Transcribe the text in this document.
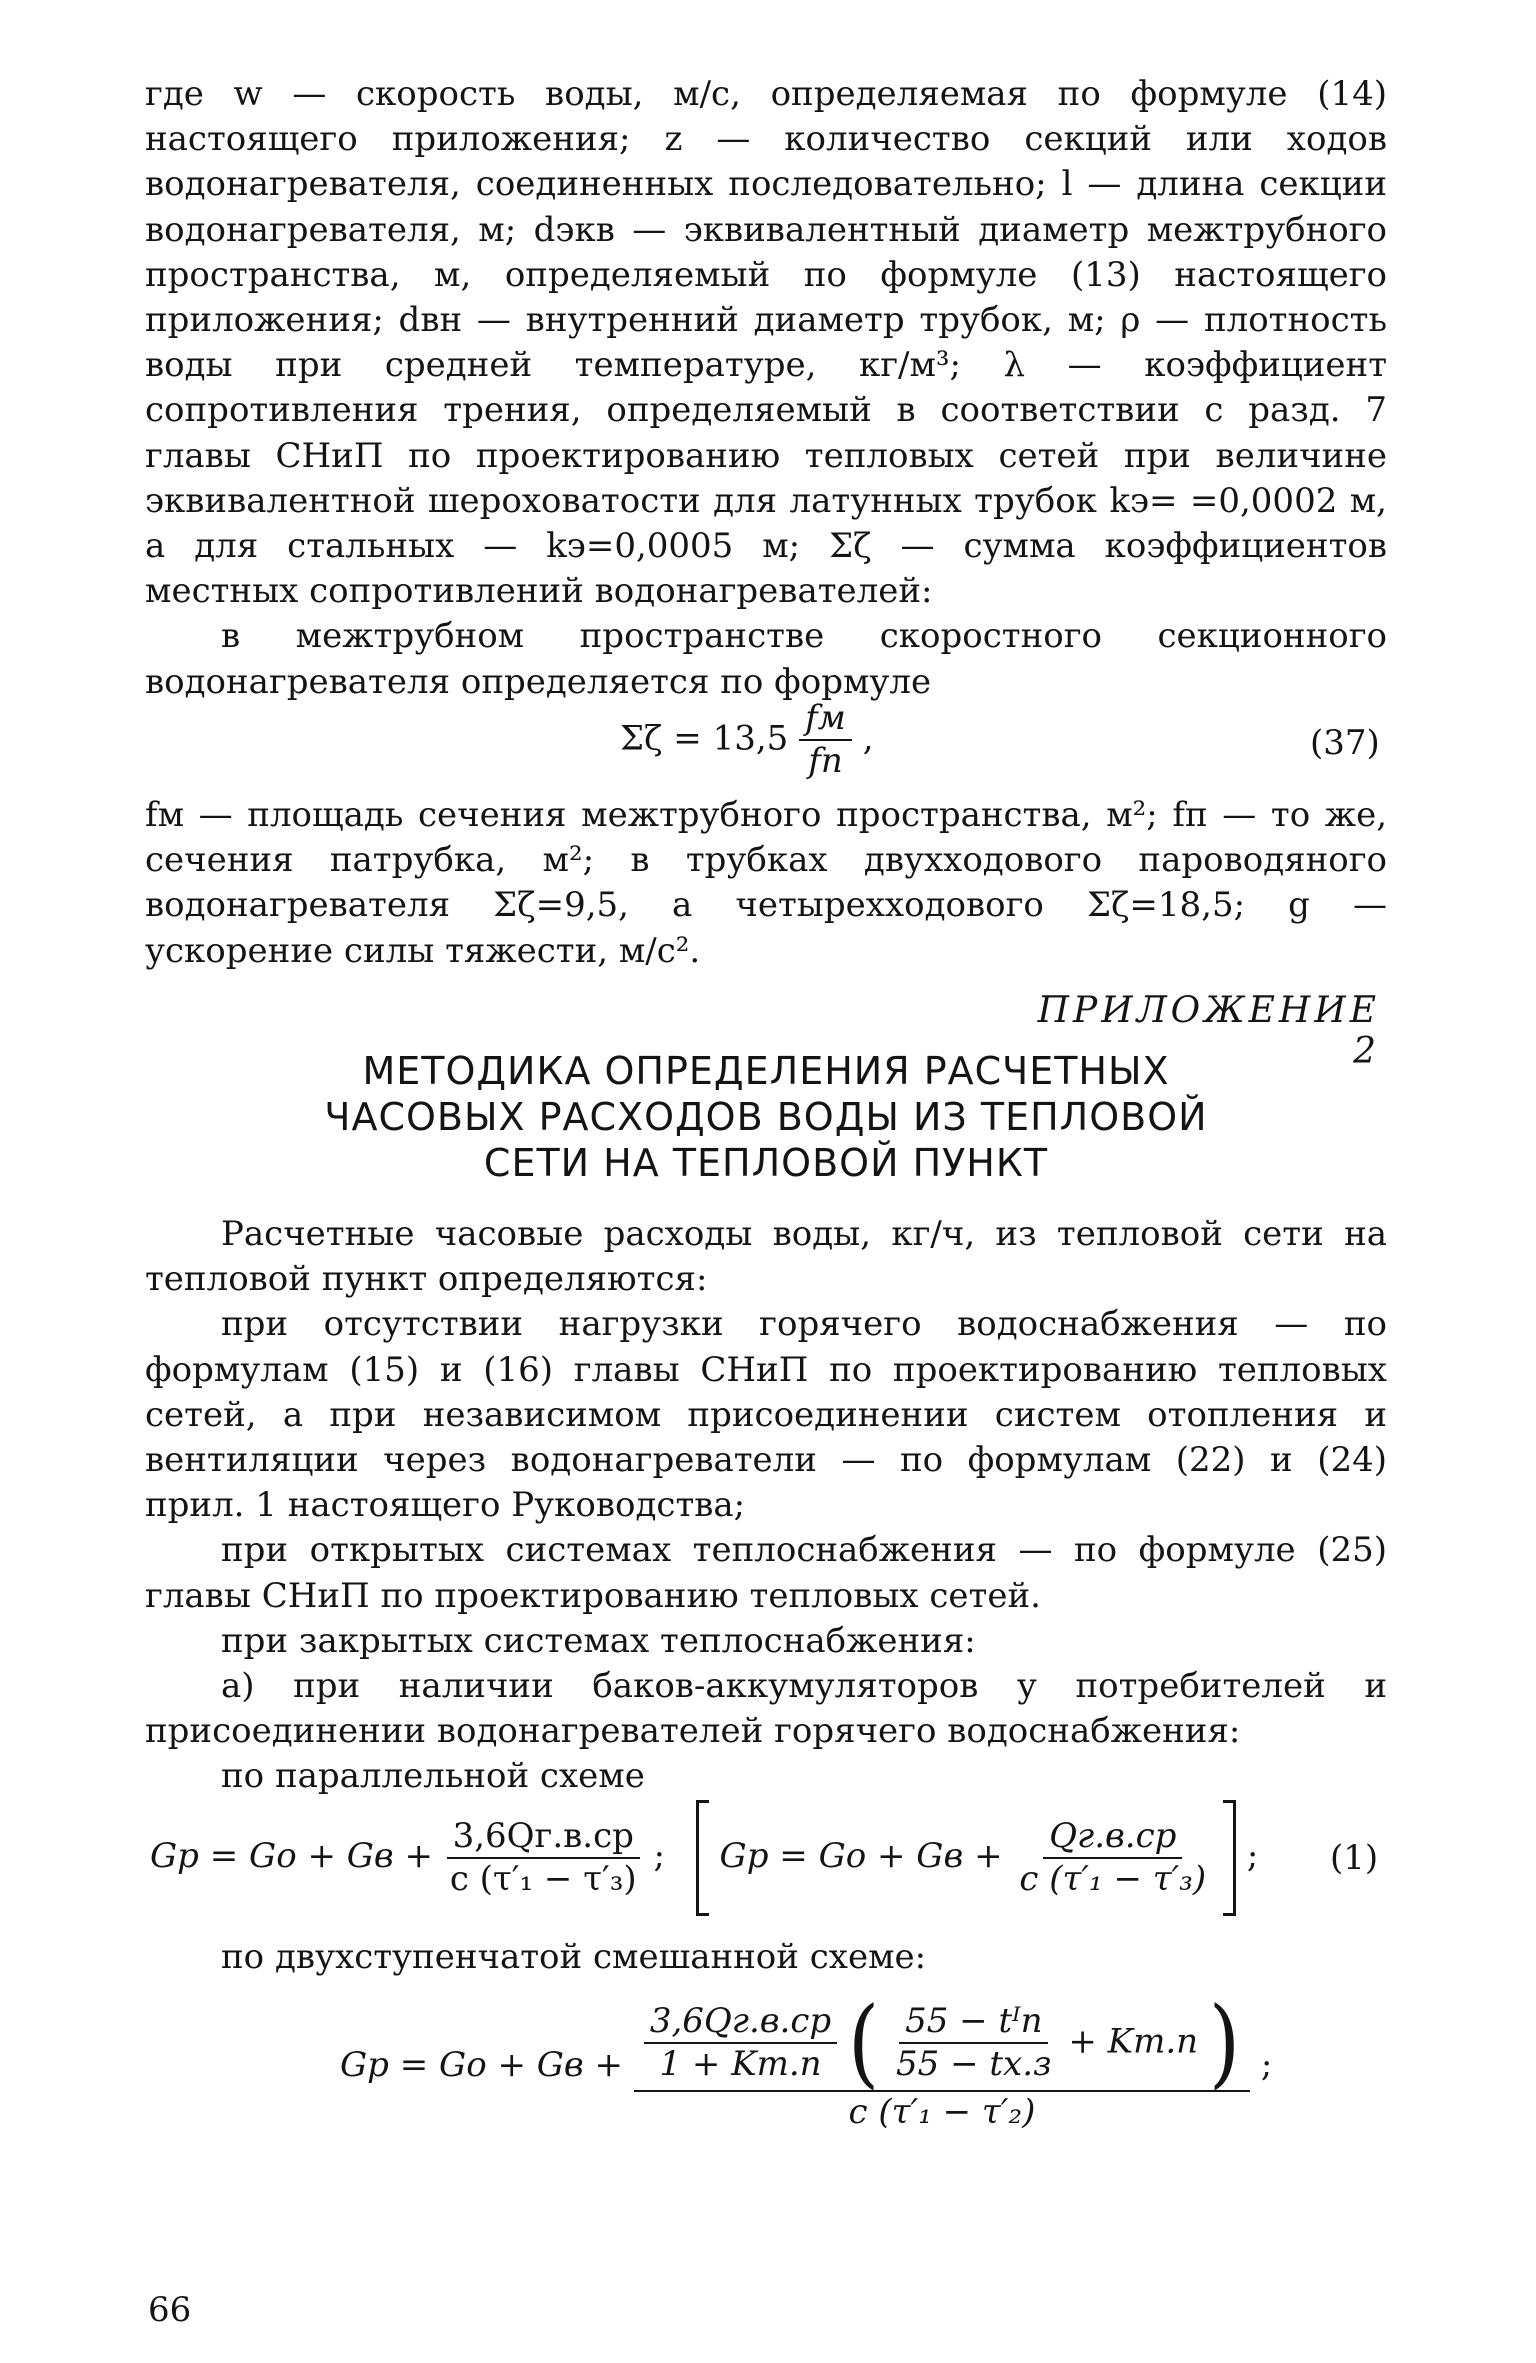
где w — скорость воды, м/с, определяемая по формуле (14) настоящего приложения; z — количество секций или ходов водонагревателя, соединенных последовательно; l — длина секции водонагревателя, м; dэкв — эквивалентный диаметр межтрубного пространства, м, определяемый по формуле (13) настоящего приложения; dвн — внутренний диаметр трубок, м; ρ — плотность воды при средней температуре, кг/м³; λ — коэффициент сопротивления трения, определяемый в соответствии с разд. 7 главы СНиП по проектированию тепловых сетей при величине эквивалентной шероховатости для латунных трубок kэ= =0,0002 м, а для стальных — kэ=0,0005 м; Σζ — сумма коэффициентов местных сопротивлений водонагревателей:

в межтрубном пространстве скоростного секционного водонагревателя определяется по формуле

$\Sigma\zeta = 13,5 \frac{fм}{fп}$ ,	(37)

fм — площадь сечения межтрубного пространства, м²; fп — то же, сечения патрубка, м²; в трубках двухходового пароводяного водонагревателя Σζ=9,5, а четырехходового Σζ=18,5; g — ускорение силы тяжести, м/с².

ПРИЛОЖЕНИЕ 2
МЕТОДИКА ОПРЕДЕЛЕНИЯ РАСЧЕТНЫХ
ЧАСОВЫХ РАСХОДОВ ВОДЫ ИЗ ТЕПЛОВОЙ
СЕТИ НА ТЕПЛОВОЙ ПУНКТ

Расчетные часовые расходы воды, кг/ч, из тепловой сети на тепловой пункт определяются:

при отсутствии нагрузки горячего водоснабжения — по формулам (15) и (16) главы СНиП по проектированию тепловых сетей, а при независимом присоединении систем отопления и вентиляции через водонагреватели — по формулам (22) и (24) прил. 1 настоящего Руководства;

при открытых системах теплоснабжения — по формуле (25) главы СНиП по проектированию тепловых сетей.

при закрытых системах теплоснабжения:

а) при наличии баков-аккумуляторов у потребителей и присоединении водонагревателей горячего водоснабжения:

по параллельной схеме

Gр = Gо + Gв + $\frac{3,6Qг.в.ср}{\text{c (τ′₁ − τ′₃)}}$ ; Gр = Gо + Gв + $\frac{Qг.в.ср}{\text{c (τ′₁ − τ′₃)}}$ ; (1)

по двухступенчатой смешанной схеме:

Gр = Gо + Gв + $\frac{3,6Qг.в.ср}{1 + Kт.п}$ ( $\frac{\text{55 − tᴵп}}{55 - tх.з} + Kт.п$ )
c (τ′₁ − τ′₂)
;
66
